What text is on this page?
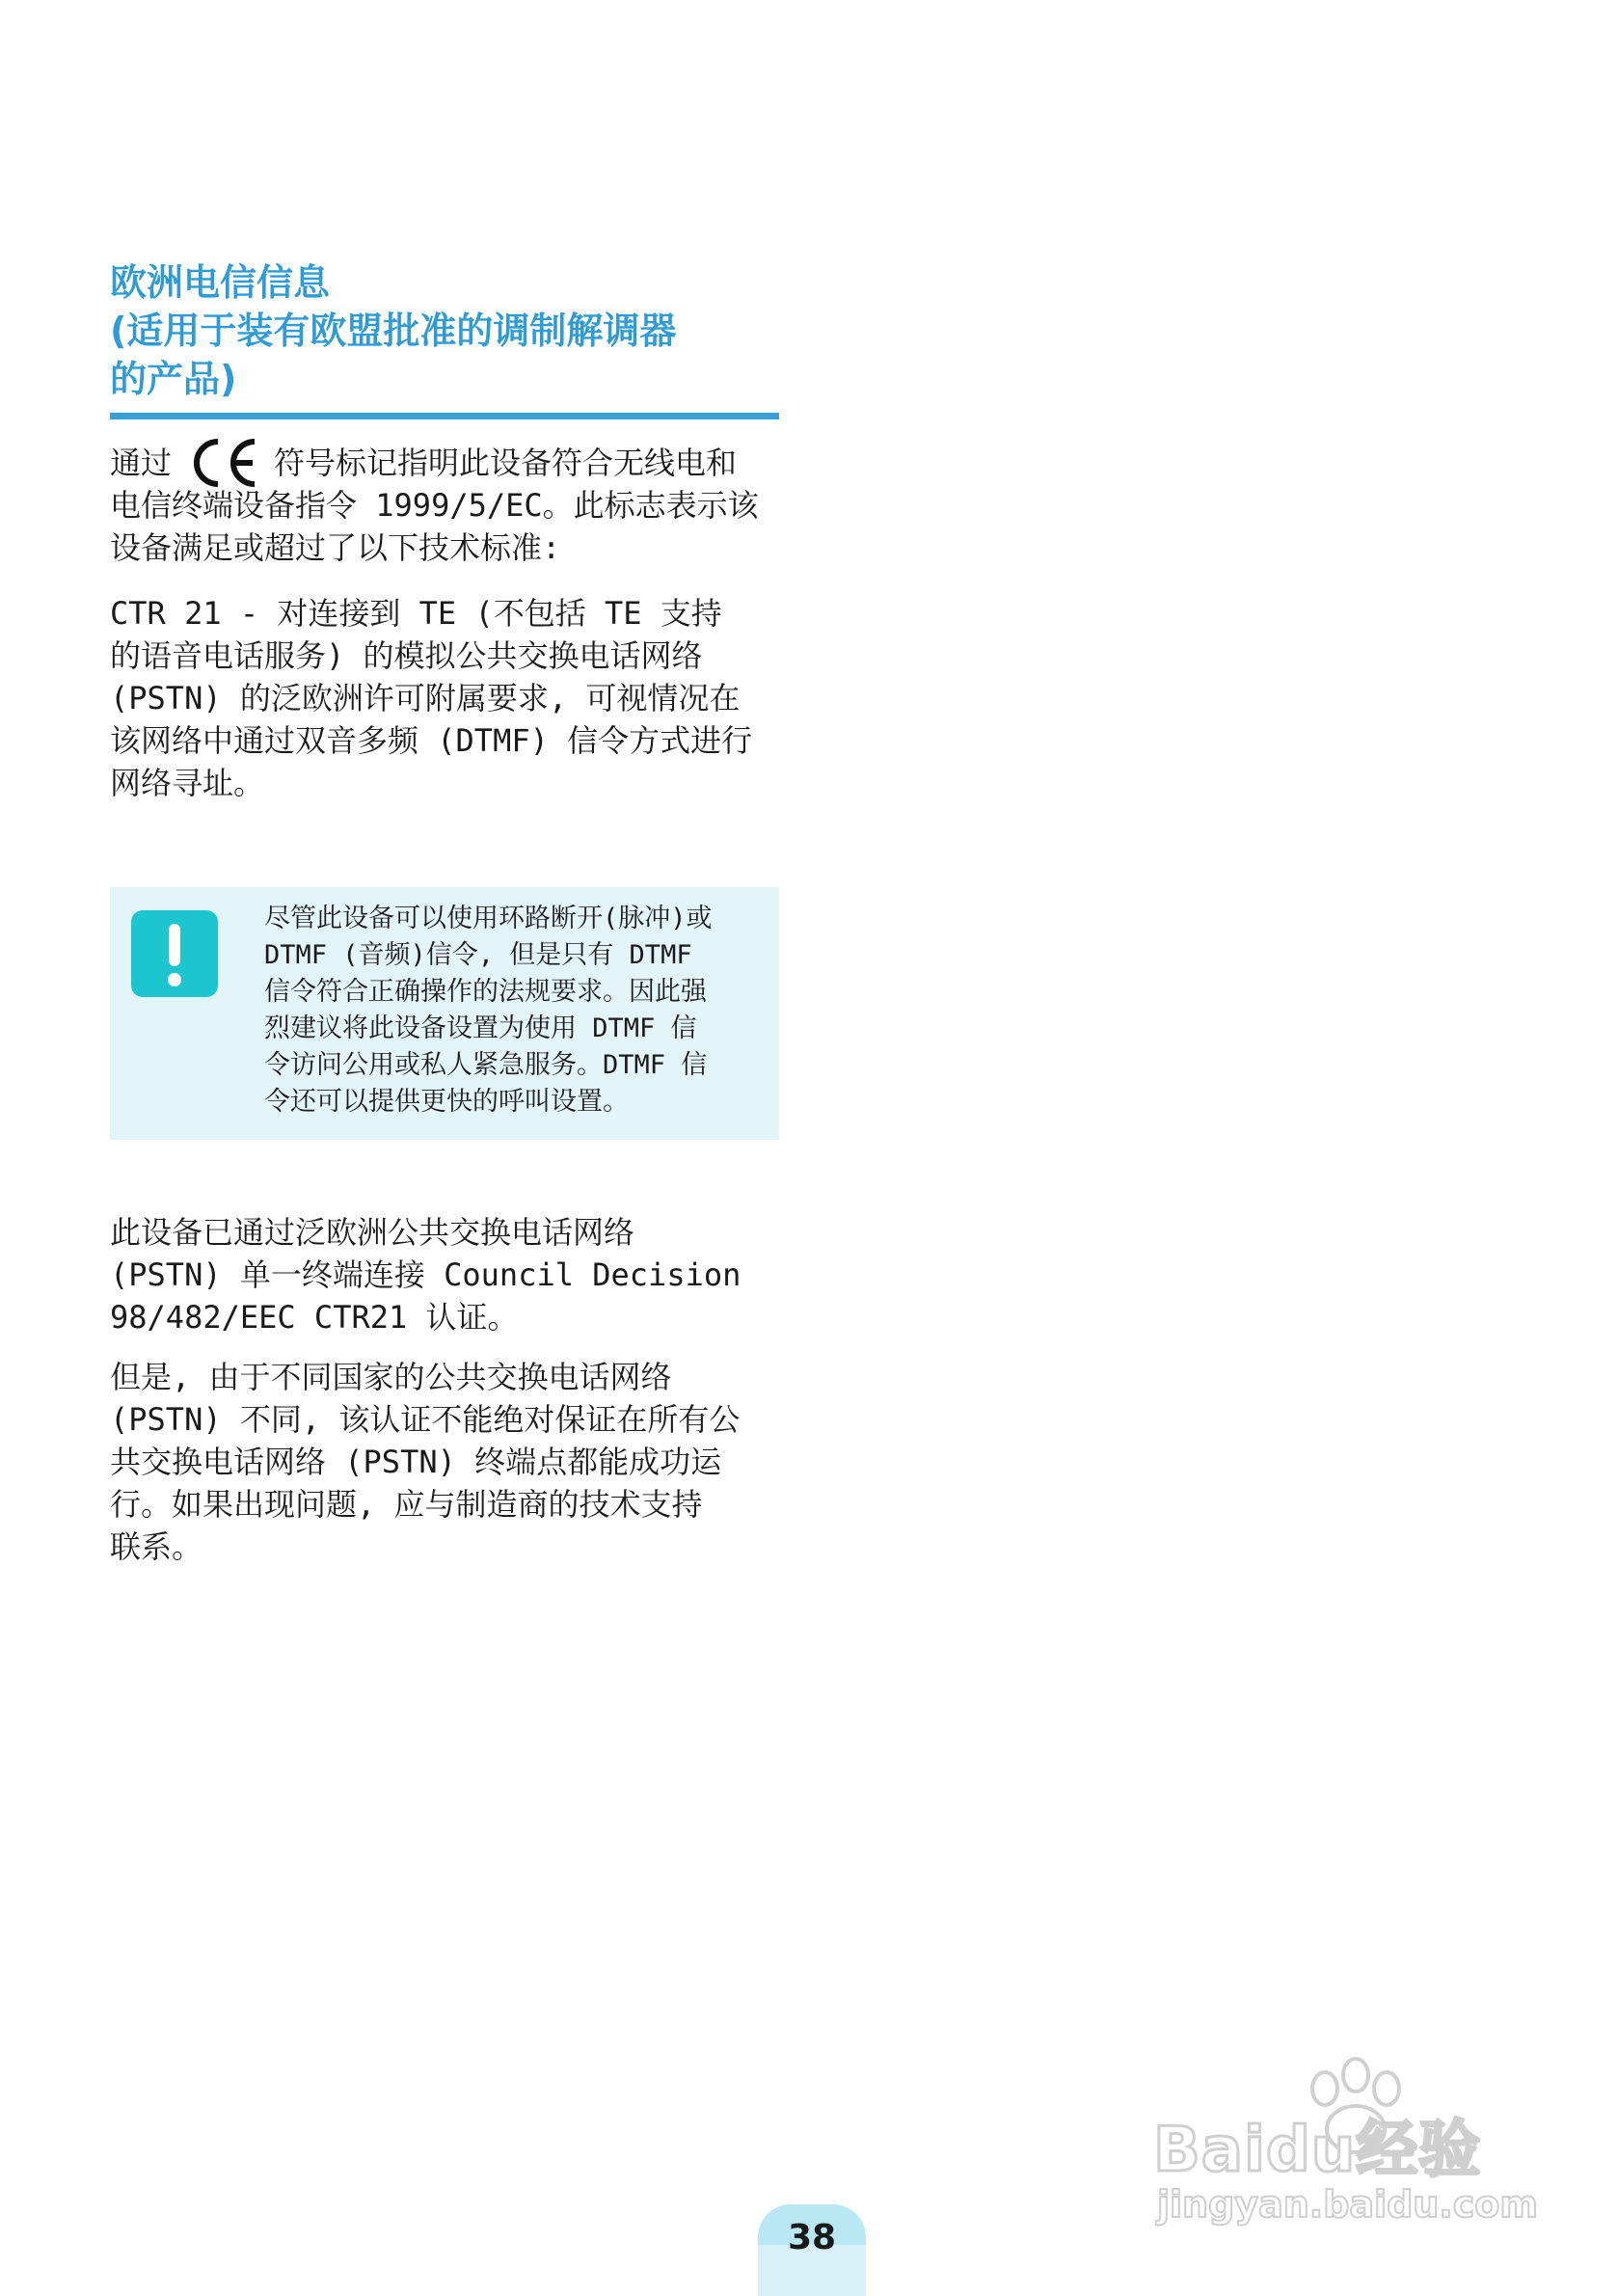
欧洲电信信息
(适用于装有欧盟批准的调制解调器
的产品)
通过	符号标记指明此设备符合无线电和
电信终端设备指令 1999/5/EC。此标志表示该
设备满足或超过了以下技术标准:
CTR 21 - 对连接到 TE (不包括 TE 支持
的语音电话服务) 的模拟公共交换电话网络
(PSTN) 的泛欧洲许可附属要求, 可视情况在
该网络中通过双音多频 (DTMF) 信令方式进行
网络寻址。
尽管此设备可以使用环路断开(脉冲)或
DTMF (音频)信令, 但是只有 DTMF
信令符合正确操作的法规要求。因此强
烈建议将此设备设置为使用 DTMF 信
令访问公用或私人紧急服务。DTMF 信
令还可以提供更快的呼叫设置。
此设备已通过泛欧洲公共交换电话网络
(PSTN) 单一终端连接 Council Decision
98/482/EEC CTR21 认证。
但是, 由于不同国家的公共交换电话网络
(PSTN) 不同, 该认证不能绝对保证在所有公
共交换电话网络 (PSTN) 终端点都能成功运
行。如果出现问题, 应与制造商的技术支持
联系。
Baidu经验
jingyan.baidu.com
38
